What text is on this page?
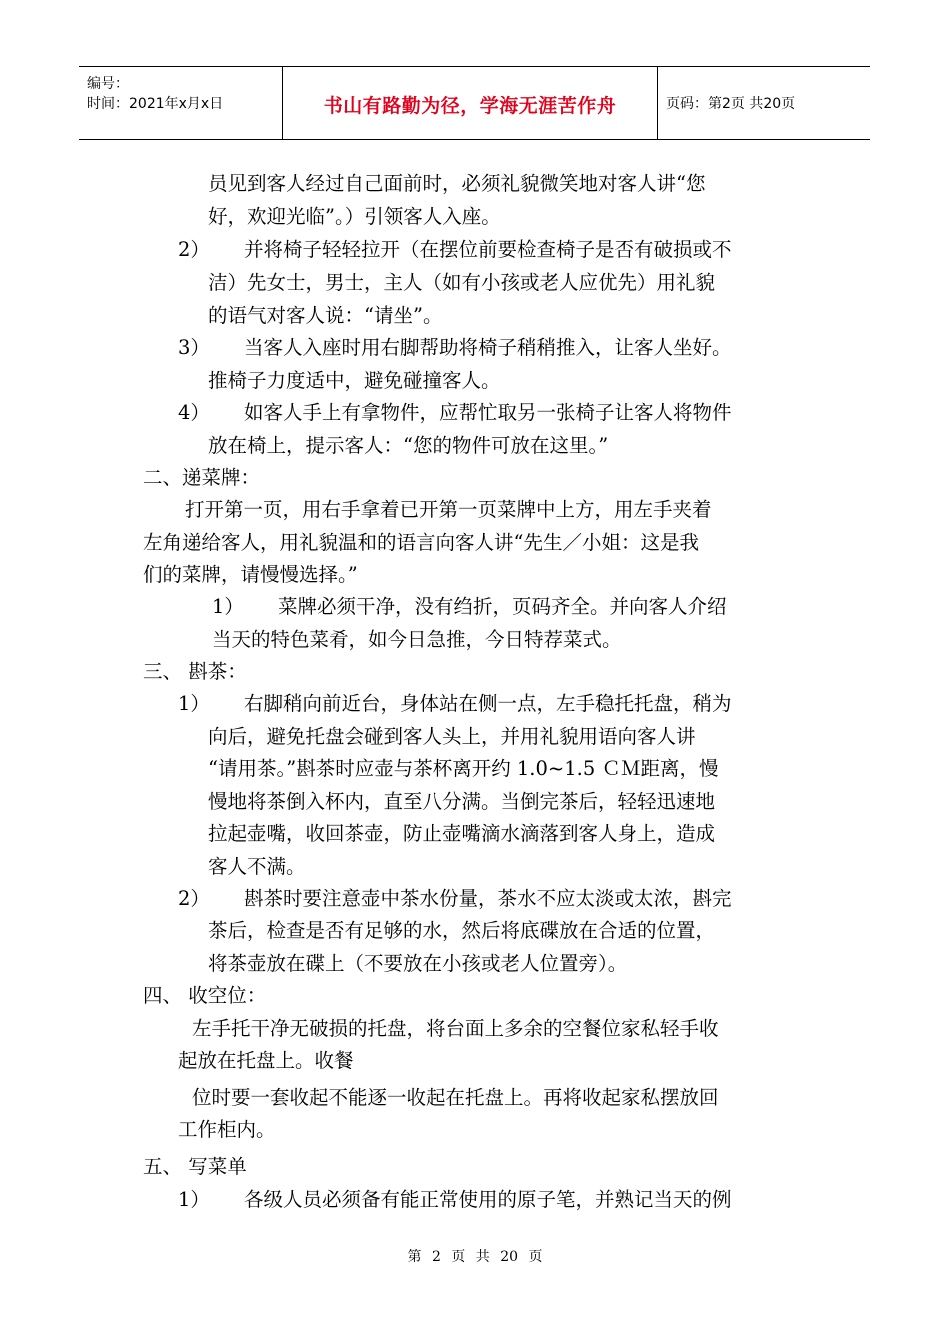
编号：
时间：2021年x月x日	书山有路勤为径，学海无涯苦作舟	页码：第2页 共20页
员见到客人经过自己面前时，必须礼貌微笑地对客人讲“您
好，欢迎光临”。）引领客人入座。
2） 并将椅子轻轻拉开（在摆位前要检查椅子是否有破损或不
洁）先女士，男士，主人（如有小孩或老人应优先）用礼貌
的语气对客人说：“请坐”。
3） 当客人入座时用右脚帮助将椅子稍稍推入，让客人坐好。
推椅子力度适中，避免碰撞客人。
4） 如客人手上有拿物件，应帮忙取另一张椅子让客人将物件
放在椅上，提示客人：“您的物件可放在这里。”
二、递菜牌：
打开第一页，用右手拿着已开第一页菜牌中上方，用左手夹着
左角递给客人，用礼貌温和的语言向客人讲“先生／小姐：这是我
们的菜牌，请慢慢选择。”
1） 菜牌必须干净，没有绉折，页码齐全。并向客人介绍
当天的特色菜肴，如今日急推，今日特荐菜式。
三、 斟茶：
1） 右脚稍向前近台，身体站在侧一点，左手稳托托盘，稍为
向后，避免托盘会碰到客人头上，并用礼貌用语向客人讲
“请用茶。”斟茶时应壶与茶杯离开约 1.0~1.5 ＣＭ距离，慢
慢地将茶倒入杯内，直至八分满。当倒完茶后，轻轻迅速地
拉起壶嘴，收回茶壶，防止壶嘴滴水滴落到客人身上，造成
客人不满。
2） 斟茶时要注意壶中茶水份量，茶水不应太淡或太浓，斟完
茶后，检查是否有足够的水，然后将底碟放在合适的位置，
将茶壶放在碟上（不要放在小孩或老人位置旁）。
四、 收空位：
左手托干净无破损的托盘，将台面上多余的空餐位家私轻手收
起放在托盘上。收餐
位时要一套收起不能逐一收起在托盘上。再将收起家私摆放回
工作柜内。
五、 写菜单
1） 各级人员必须备有能正常使用的原子笔，并熟记当天的例
第 2 页 共 20 页
